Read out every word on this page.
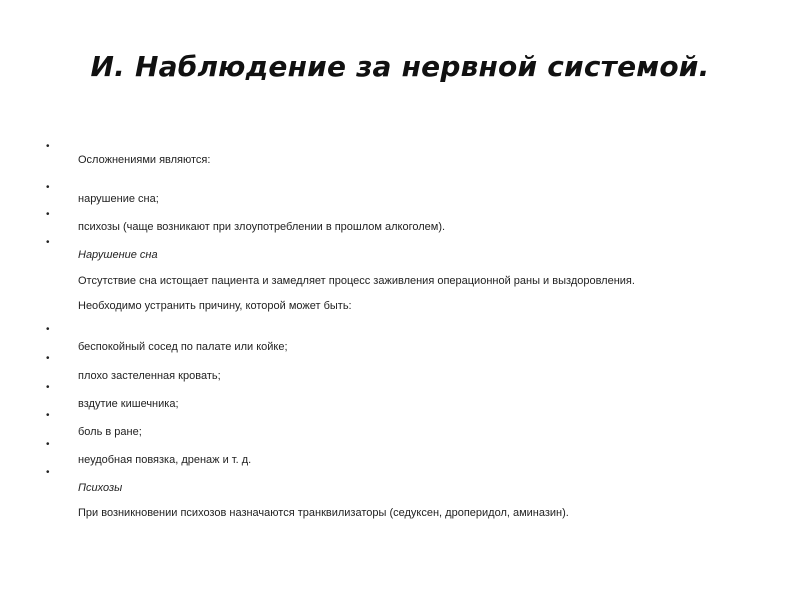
И. Наблюдение за нервной системой.
•
•
•
•
•
•
•
•
•
•
Осложнениями являются:
нарушение сна;
психозы (чаще возникают при злоупотреблении в прошлом алкоголем).
Нарушение сна
Отсутствие сна истощает пациента и замедляет процесс заживления операционной раны и выздоровления.
Необходимо устранить причину, которой может быть:
беспокойный сосед по палате или койке;
плохо застеленная кровать;
вздутие кишечника;
боль в ране;
неудобная повязка, дренаж и т. д.
Психозы
При возникновении психозов назначаются транквилизаторы (седуксен, дроперидол, аминазин).
